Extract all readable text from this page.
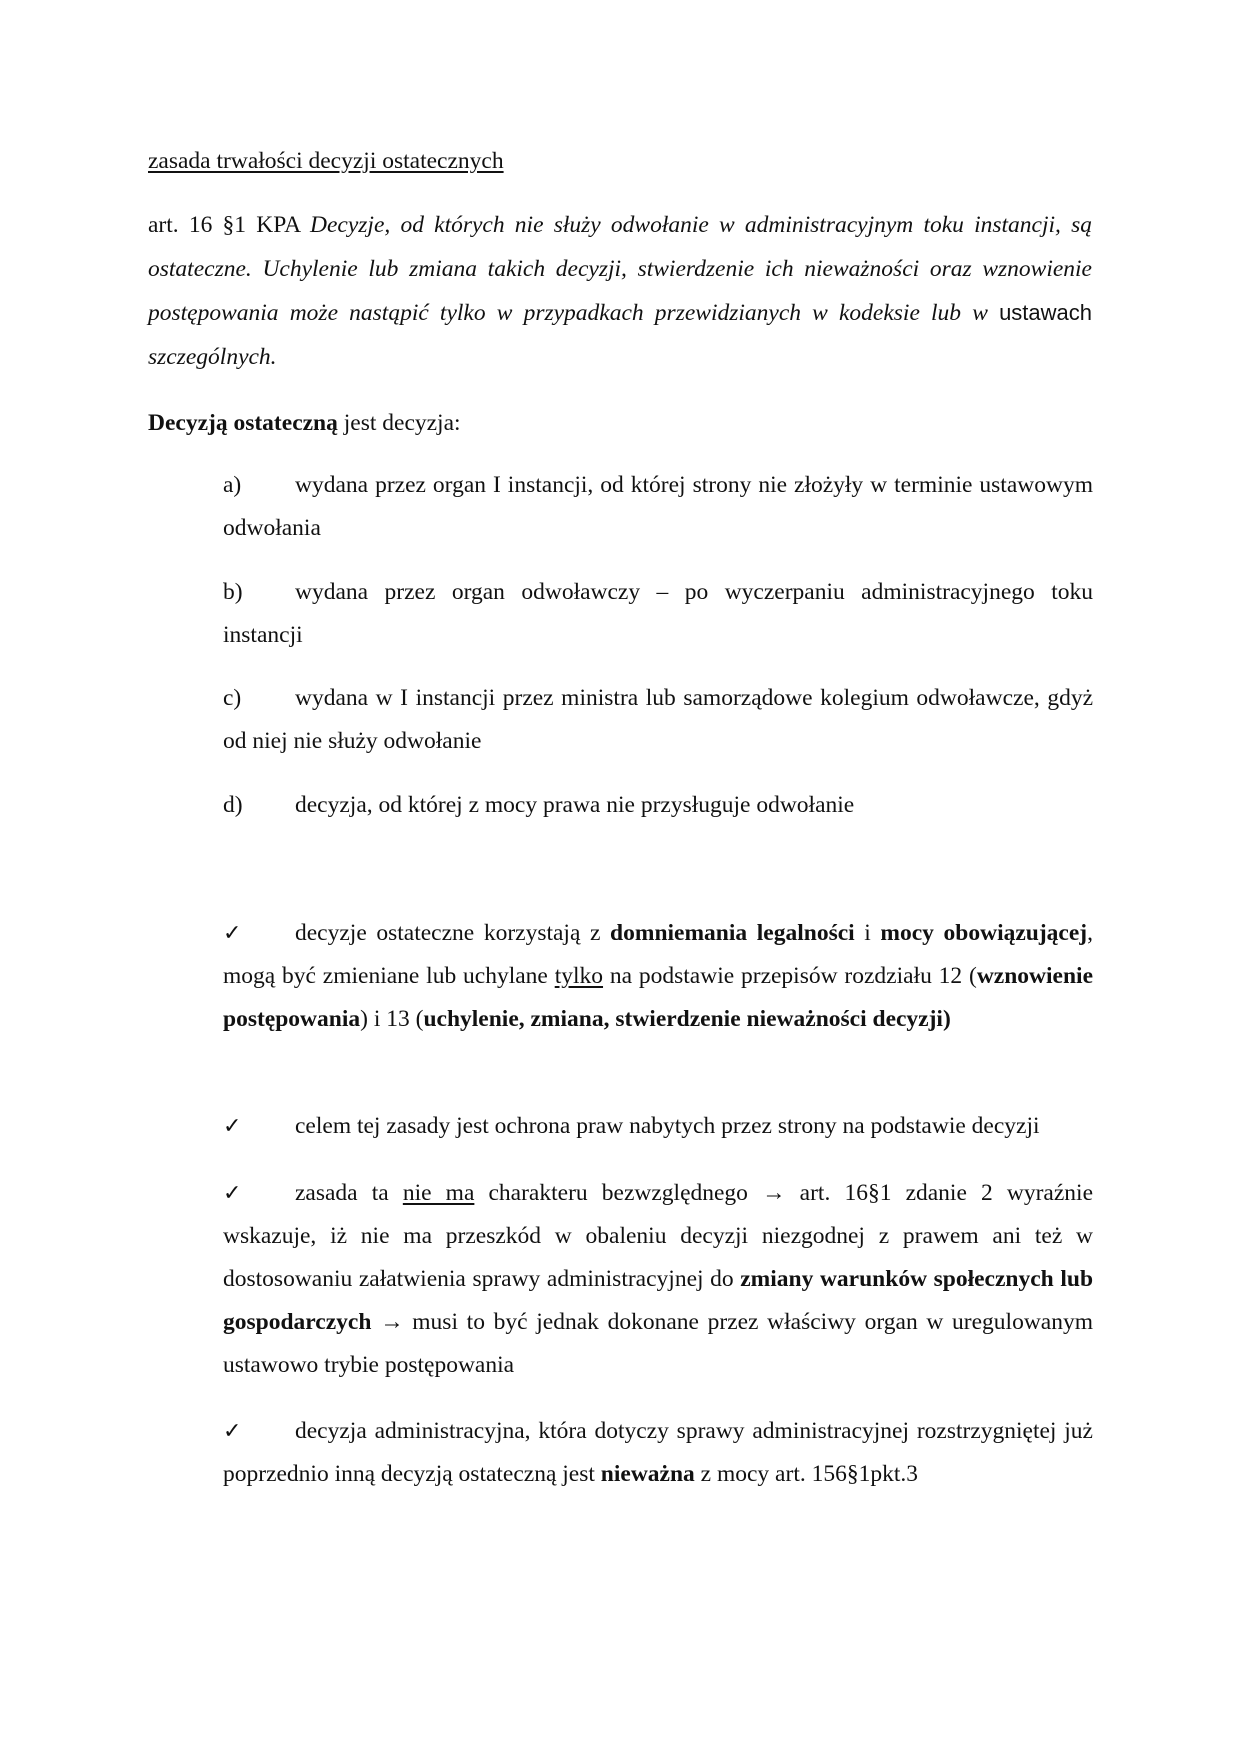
zasada trwałości decyzji ostatecznych
art. 16 §1 KPA Decyzje, od których nie służy odwołanie w administracyjnym toku instancji, są ostateczne. Uchylenie lub zmiana takich decyzji, stwierdzenie ich nieważności oraz wznowienie postępowania może nastąpić tylko w przypadkach przewidzianych w kodeksie lub w ustawach szczególnych.
Decyzją ostateczną jest decyzja:
a) wydana przez organ I instancji, od której strony nie złożyły w terminie ustawowym odwołania
b) wydana przez organ odwoławczy – po wyczerpaniu administracyjnego toku instancji
c) wydana w I instancji przez ministra lub samorządowe kolegium odwoławcze, gdyż od niej nie służy odwołanie
d) decyzja, od której z mocy prawa nie przysługuje odwołanie
✓ decyzje ostateczne korzystają z domniemania legalności i mocy obowiązującej, mogą być zmieniane lub uchylane tylko na podstawie przepisów rozdziału 12 (wznowienie postępowania) i 13 (uchylenie, zmiana, stwierdzenie nieważności decyzji)
✓ celem tej zasady jest ochrona praw nabytych przez strony na podstawie decyzji
✓ zasada ta nie ma charakteru bezwzględnego → art. 16§1 zdanie 2 wyraźnie wskazuje, iż nie ma przeszkód w obaleniu decyzji niezgodnej z prawem ani też w dostosowaniu załatwienia sprawy administracyjnej do zmiany warunków społecznych lub gospodarczych → musi to być jednak dokonane przez właściwy organ w uregulowanym ustawowo trybie postępowania
✓ decyzja administracyjna, która dotyczy sprawy administracyjnej rozstrzygniętej już poprzednio inną decyzją ostateczną jest nieważna z mocy art. 156§1pkt.3
